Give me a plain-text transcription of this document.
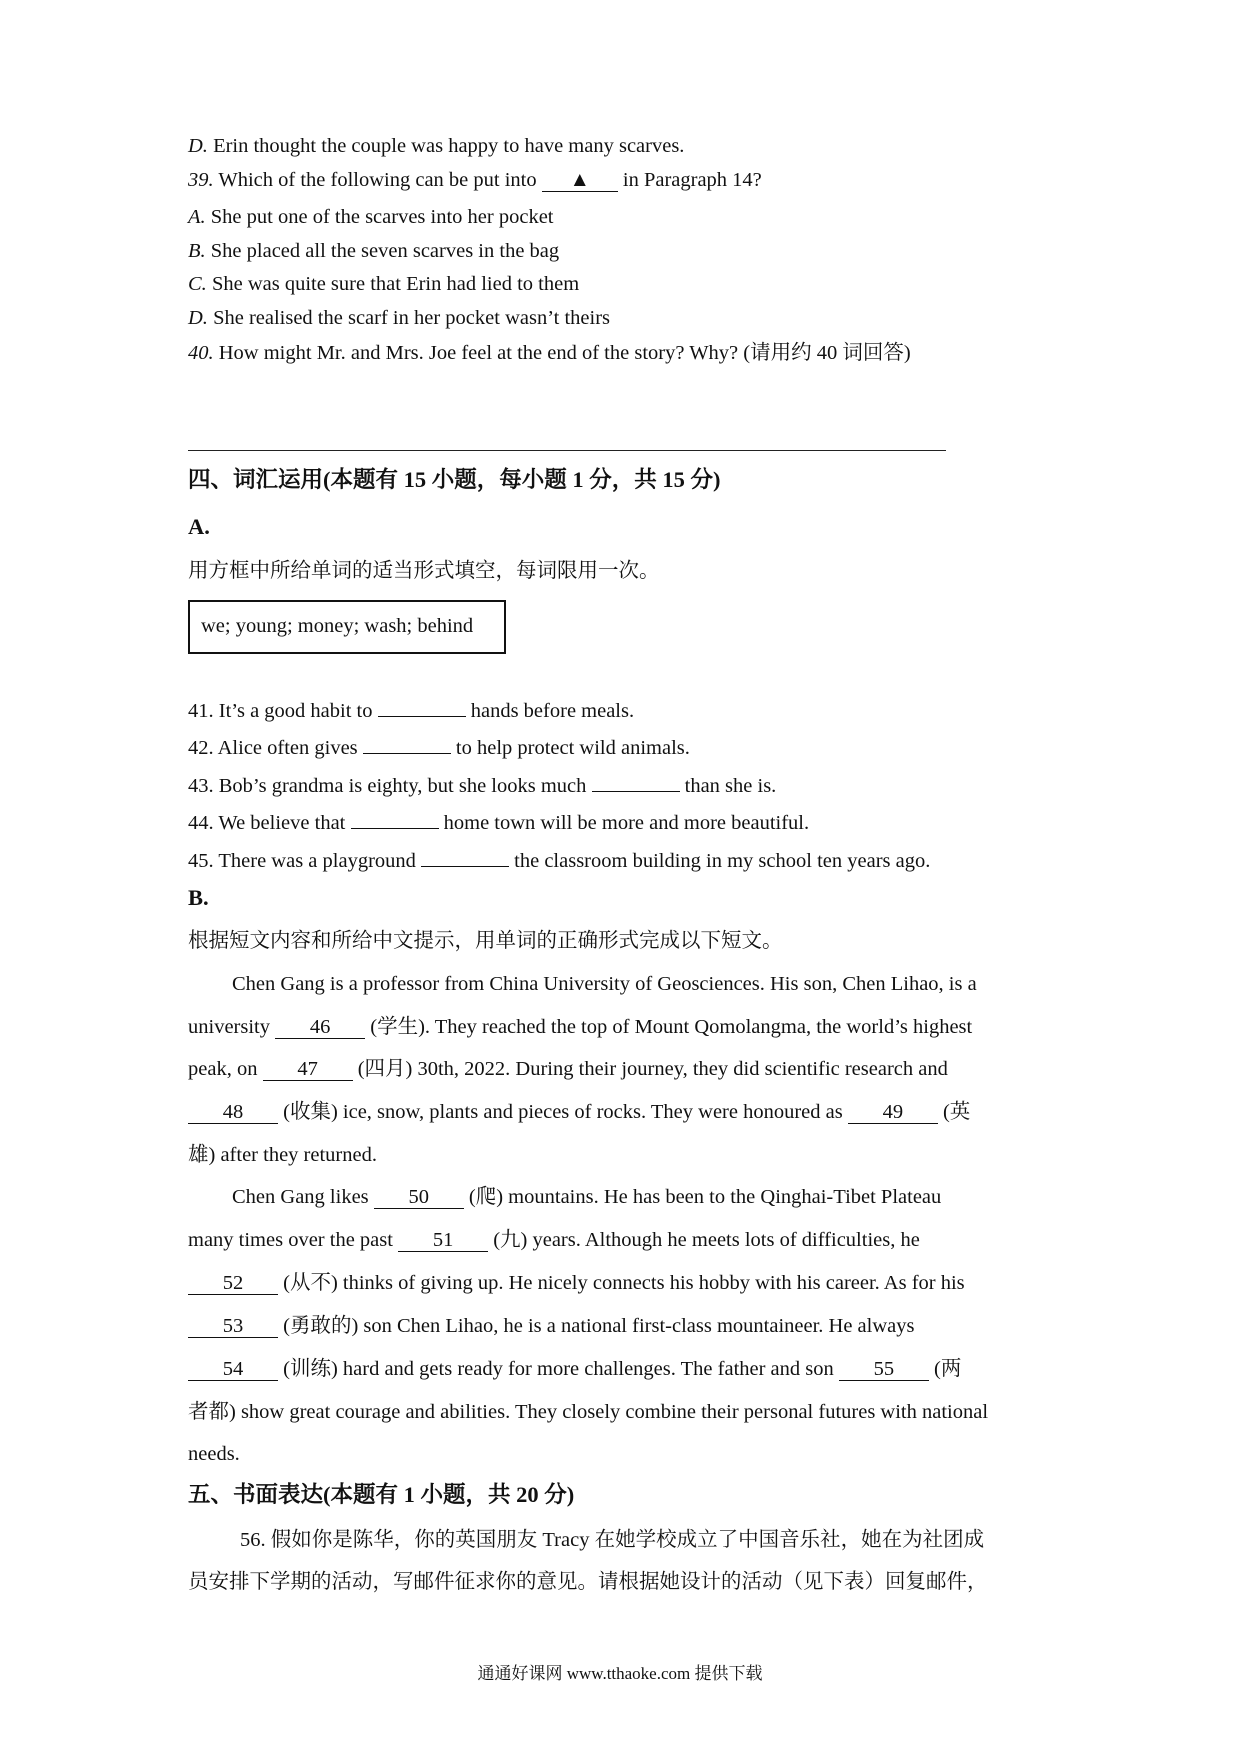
D. Erin thought the couple was happy to have many scarves.
39. Which of the following can be put into ▲ in Paragraph 14?
A. She put one of the scarves into her pocket
B. She placed all the seven scarves in the bag
C. She was quite sure that Erin had lied to them
D. She realised the scarf in her pocket wasn’t theirs
40. How might Mr. and Mrs. Joe feel at the end of the story? Why? (请用约 40 词回答)
四、词汇运用(本题有 15 小题，每小题 1 分，共 15 分)
A.
用方框中所给单词的适当形式填空，每词限用一次。
we; young; money; wash; behind
41. It’s a good habit to	hands before meals.
42. Alice often gives	to help protect wild animals.
43. Bob’s grandma is eighty, but she looks much	than she is.
44. We believe that	home town will be more and more beautiful.
45. There was a playground	the classroom building in my school ten years ago.
B.
根据短文内容和所给中文提示，用单词的正确形式完成以下短文。
Chen Gang is a professor from China University of Geosciences. His son, Chen Lihao, is a
university 46 (学生). They reached the top of Mount Qomolangma, the world’s highest
peak, on 47 (四月) 30th, 2022. During their journey, they did scientific research and
48 (收集) ice, snow, plants and pieces of rocks. They were honoured as 49 (英
雄) after they returned.
Chen Gang likes 50 (爬) mountains. He has been to the Qinghai-Tibet Plateau
many times over the past 51 (九) years. Although he meets lots of difficulties, he
52 (从不) thinks of giving up. He nicely connects his hobby with his career. As for his
53 (勇敢的) son Chen Lihao, he is a national first-class mountaineer. He always
54 (训练) hard and gets ready for more challenges. The father and son 55 (两
者都) show great courage and abilities. They closely combine their personal futures with national
needs.
五、书面表达(本题有 1 小题，共 20 分)
56. 假如你是陈华，你的英国朋友 Tracy 在她学校成立了中国音乐社，她在为社团成
员安排下学期的活动，写邮件征求你的意见。请根据她设计的活动（见下表）回复邮件，
通通好课网 www.tthaoke.com 提供下载
